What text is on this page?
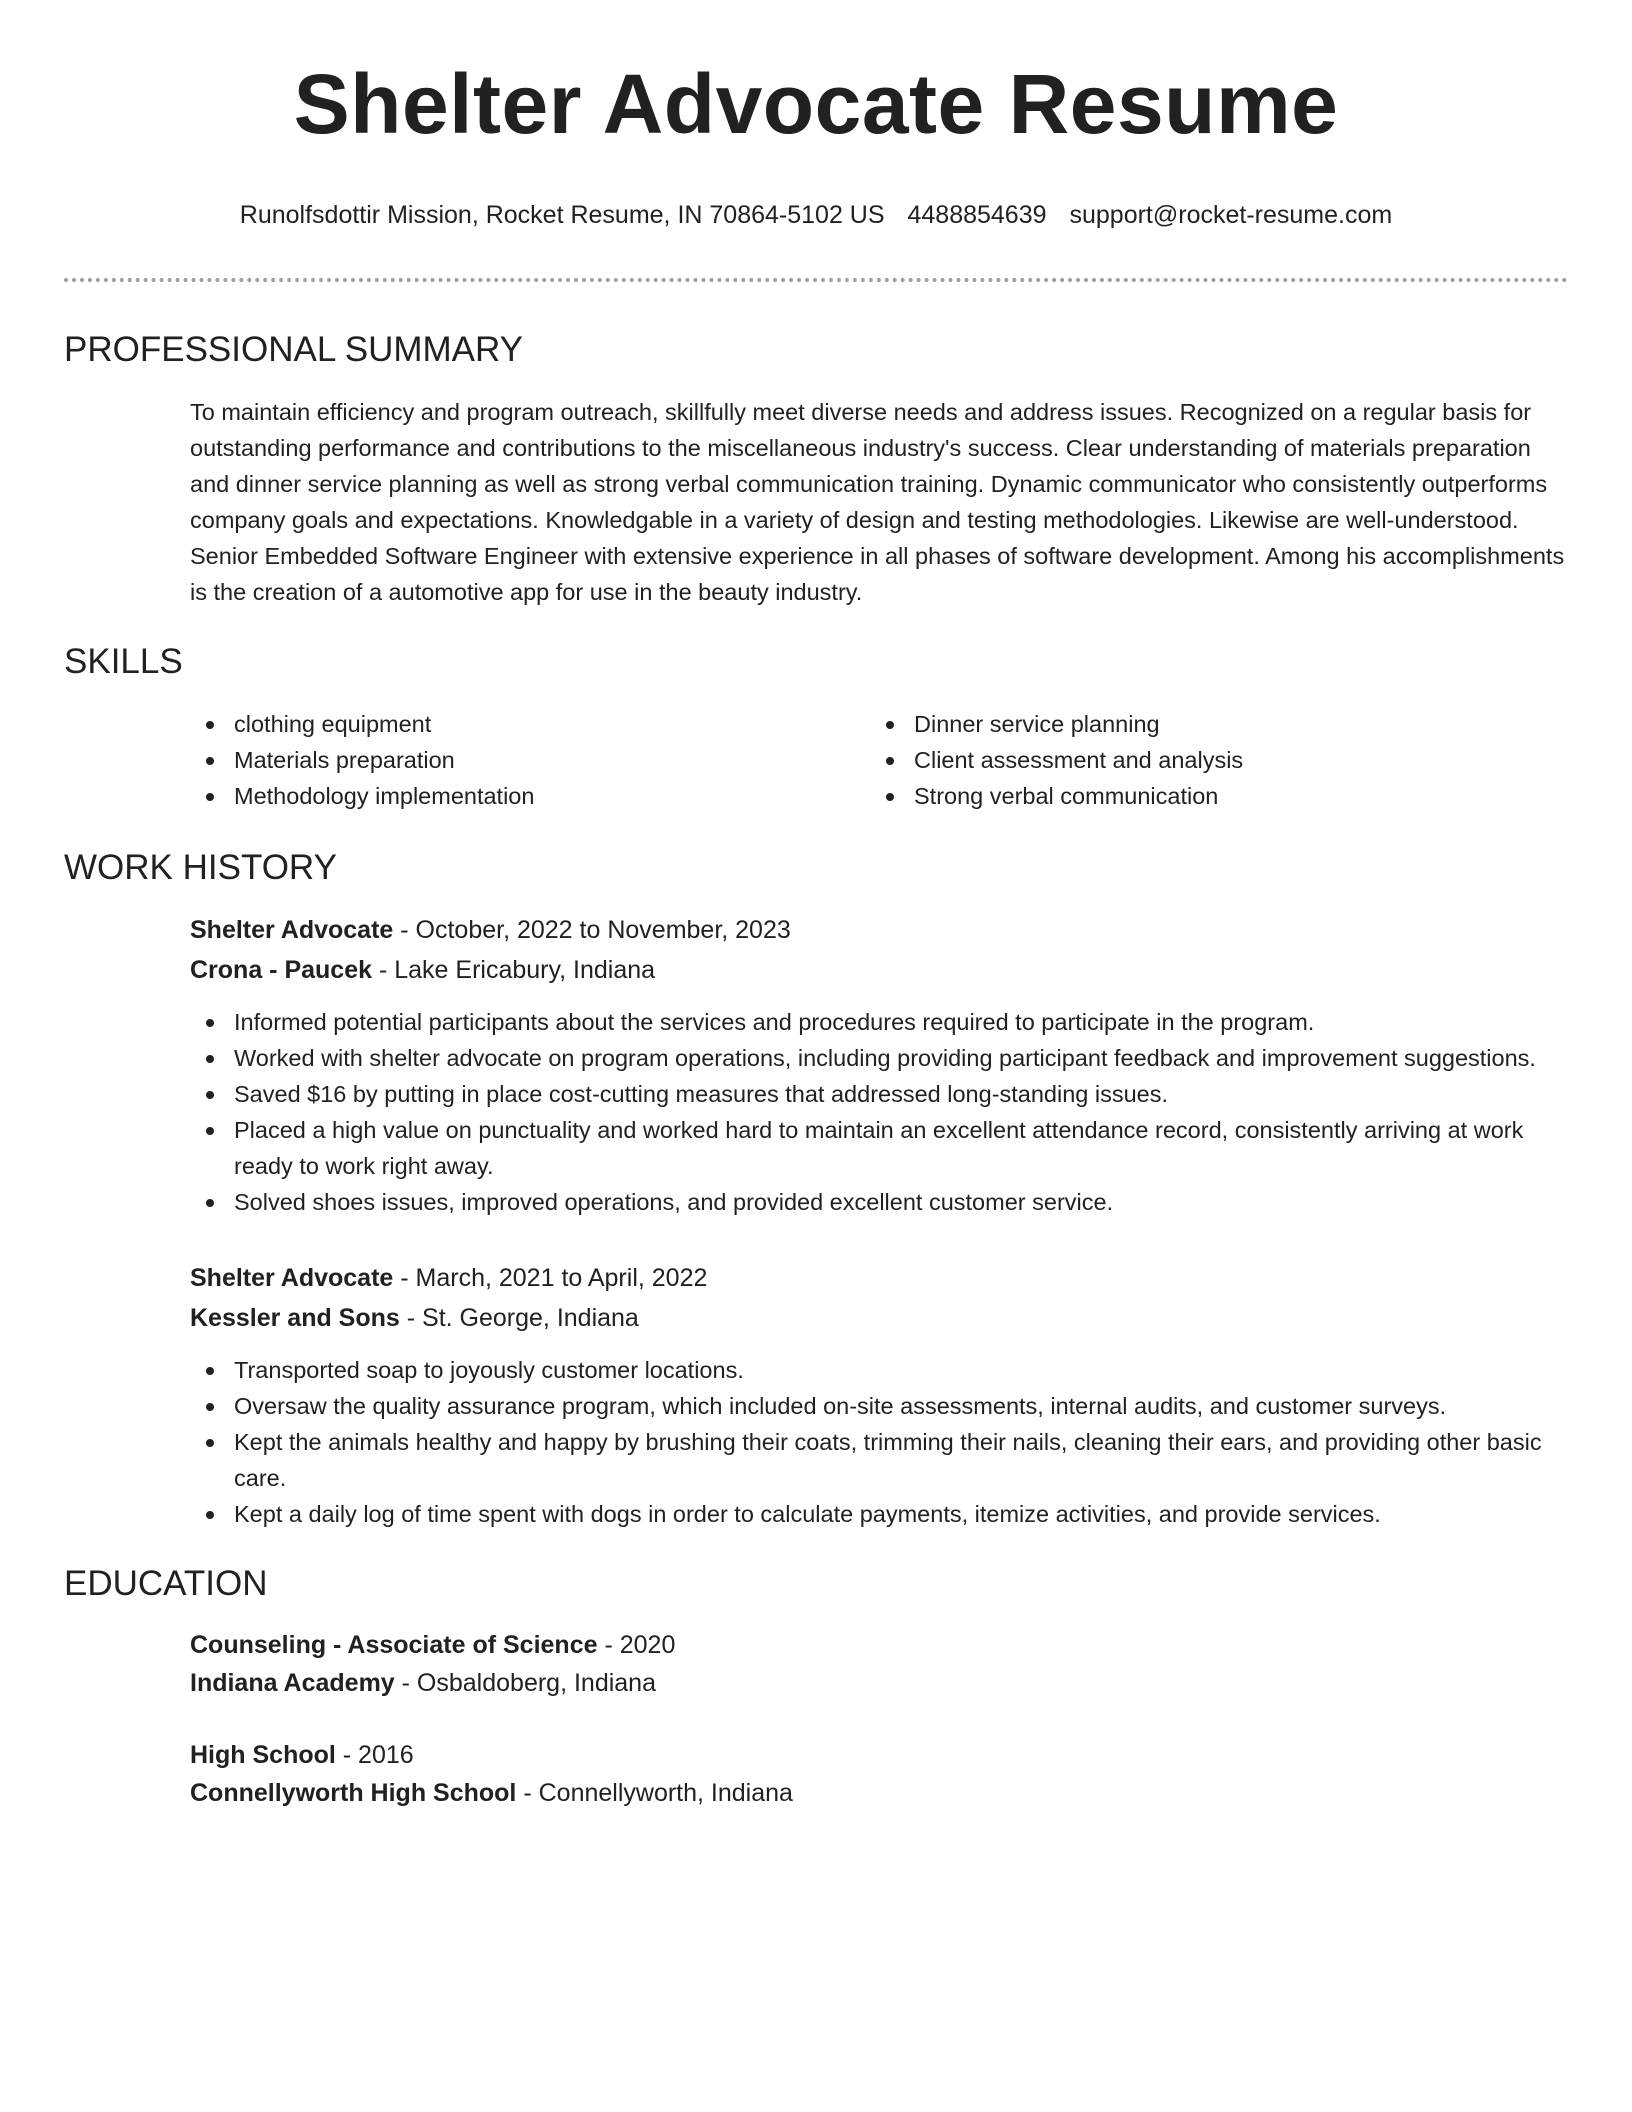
Shelter Advocate Resume
Runolfsdottir Mission, Rocket Resume, IN 70864-5102 US 4488854639 support@rocket-resume.com
PROFESSIONAL SUMMARY

To maintain efficiency and program outreach, skillfully meet diverse needs and address issues. Recognized on a regular basis for outstanding performance and contributions to the miscellaneous industry's success. Clear understanding of materials preparation and dinner service planning as well as strong verbal communication training. Dynamic communicator who consistently outperforms company goals and expectations. Knowledgable in a variety of design and testing methodologies. Likewise are well-understood. Senior Embedded Software Engineer with extensive experience in all phases of software development. Among his accomplishments is the creation of a automotive app for use in the beauty industry.

SKILLS
clothing equipment
Materials preparation
Methodology implementation
Dinner service planning
Client assessment and analysis
Strong verbal communication
WORK HISTORY
Shelter Advocate - October, 2022 to November, 2023
Crona - Paucek - Lake Ericabury, Indiana
Informed potential participants about the services and procedures required to participate in the program.
Worked with shelter advocate on program operations, including providing participant feedback and improvement suggestions.
Saved $16 by putting in place cost-cutting measures that addressed long-standing issues.
Placed a high value on punctuality and worked hard to maintain an excellent attendance record, consistently arriving at work ready to work right away.
Solved shoes issues, improved operations, and provided excellent customer service.
Shelter Advocate - March, 2021 to April, 2022
Kessler and Sons - St. George, Indiana
Transported soap to joyously customer locations.
Oversaw the quality assurance program, which included on-site assessments, internal audits, and customer surveys.
Kept the animals healthy and happy by brushing their coats, trimming their nails, cleaning their ears, and providing other basic care.
Kept a daily log of time spent with dogs in order to calculate payments, itemize activities, and provide services.
EDUCATION
Counseling - Associate of Science - 2020
Indiana Academy - Osbaldoberg, Indiana
High School - 2016
Connellyworth High School - Connellyworth, Indiana
